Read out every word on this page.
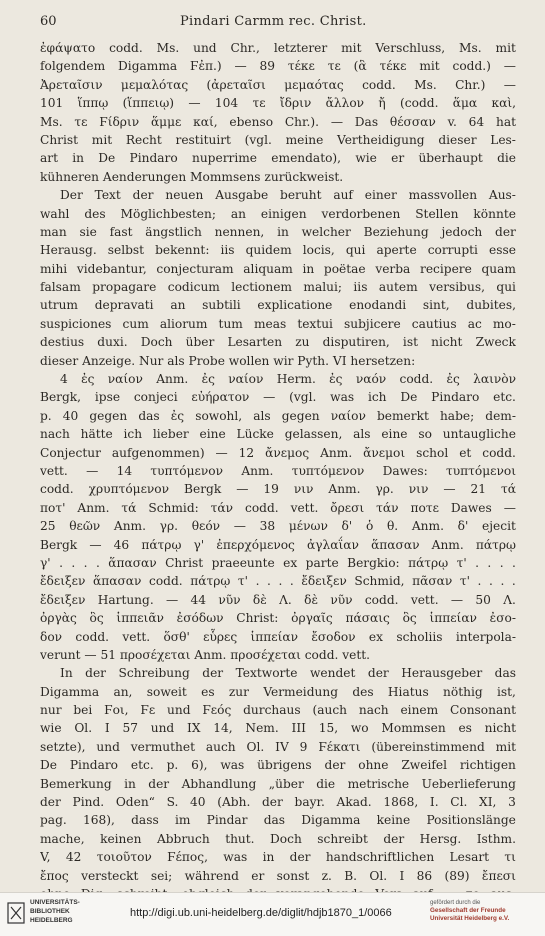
60	Pindari Carmm rec. Christ.
ἐφάψατο codd. Ms. und Chr., letzterer mit Verschluss, Ms. mit
folgendem Digamma Ϝἐπ.) — 89 τέκε τε (ἃ τέκε mit codd.) —
Ἀρεταῖσιν μεμαλότας (ἀρεταῖσι μεμαότας codd. Ms. Chr.) —
101 ἵππῳ (ἵππειῳ) — 104 τε ἴδριν ἄλλον ἤ (codd. ἅμα καὶ,
Ms. τε Ϝίδριν ἅμμε καί, ebenso Chr.). — Das θέσσαν v. 64 hat
Christ mit Recht restituirt (vgl. meine Vertheidigung dieser Les-
art in De Pindaro nuperrime emendato), wie er überhaupt die
kühneren Aenderungen Mommsens zurückweist.
Der Text der neuen Ausgabe beruht auf einer massvollen Aus-
wahl des Möglichbesten; an einigen verdorbenen Stellen könnte
man sie fast ängstlich nennen, in welcher Beziehung jedoch der
Herausg. selbst bekennt: iis quidem locis, qui aperte corrupti esse
mihi videbantur, conjecturam aliquam in poëtae verba recipere quam
falsam propagare codicum lectionem malui; iis autem versibus, qui
utrum depravati an subtili explicatione enodandi sint, dubites,
suspiciones cum aliorum tum meas textui subjicere cautius ac mo-
destius duxi. Doch über Lesarten zu disputiren, ist nicht Zweck
dieser Anzeige. Nur als Probe wollen wir Pyth. VI hersetzen:
4 ἐς ναίον Anm. ἐς ναίον Herm. ἐς ναόν codd. ἐς λαινὸν
Bergk, ipse conjeci εὐήρατον — (vgl. was ich De Pindaro etc.
p. 40 gegen das ἐς sowohl, als gegen ναίον bemerkt habe; dem-
nach hätte ich lieber eine Lücke gelassen, als eine so untaugliche
Conjectur aufgenommen) — 12 ἄνεμος Anm. ἄνεμοι schol et codd.
vett. — 14 τυπτόμενον Anm. τυπτόμενον Dawes: τυπτόμενοι
codd. χρυπτόμενον Bergk — 19 νιν Anm. γρ. νιν — 21 τά
ποτ' Anm. τά Schmid: τάν codd. vett. ὄρεσι τάν ποτε Dawes —
25 θεῶν Anm. γρ. θεόν — 38 μένων δ' ὁ θ. Anm. δ' ejecit
Bergk — 46 πάτρῳ γ' ἐπερχόμενος ἀγλαΐαν ἅπασαν Anm. πάτρῳ
γ' . . . . ἅπασαν Christ praeeunte ex parte Bergkio: πάτρῳ τ' . . . .
ἔδειξεν ἅπασαν codd. πάτρῳ τ' . . . . ἔδειξεν Schmid, πᾶσαν τ' . . . .
ἔδειξεν Hartung. — 44 νῦν δὲ Λ. δὲ νῦν codd. vett. — 50 Λ.
ὀργὰς ὃς ἱππειᾶν ἐσόδων Christ: ὀργαῖς πάσαις ὃς ἱππείαν ἐσο-
δον codd. vett. ὅσθ' εὗρες ἱππείαν ἔσοδον ex scholiis interpola-
verunt — 51 προσέχεται Anm. προσέχεται codd. vett.
In der Schreibung der Textworte wendet der Herausgeber das
Digamma an, soweit es zur Vermeidung des Hiatus nöthig ist,
nur bei Ϝοι, Ϝε und Ϝεός durchaus (auch nach einem Consonant
wie Ol. I 57 und IX 14, Nem. III 15, wo Mommsen es nicht
setzte), und vermuthet auch Ol. IV 9 Ϝέκατι (übereinstimmend mit
De Pindaro etc. p. 6), was übrigens der ohne Zweifel richtigen
Bemerkung in der Abhandlung „über die metrische Ueberlieferung
der Pind. Oden“ S. 40 (Abh. der bayr. Akad. 1868, I. Cl. XI, 3
pag. 168), dass im Pindar das Digamma keine Positionslänge
mache, keinen Abbruch thut. Doch schreibt der Hersg. Isthm.
V, 42 τοιοῦτον Ϝέπος, was in der handschriftlichen Lesart τι
ἔπος versteckt sei; während er sonst z. B. Ol. I 86 (89) ἔπεσι
UNIVERSITÄTS-
BIBLIOTHEK
HEIDELBERG
http://digi.ub.uni-heidelberg.de/diglit/hdjb1870_1/0066
gefördert durch die
Gesellschaft der Freunde
Universität Heidelberg e.V.
